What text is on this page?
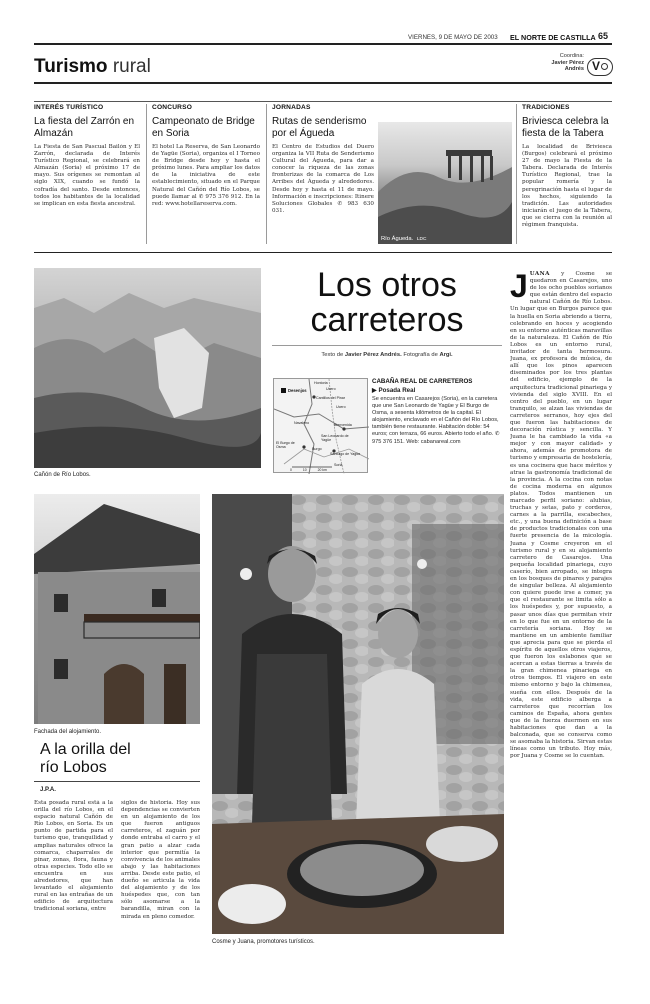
VIERNES, 9 DE MAYO DE 2003 EL NORTE DE CASTILLA 65
Turismo rural	Coordina:
Javier Pérez
Andrés V
INTERÉS TURÍSTICO
La fiesta del Zarrón en Almazán
La Fiesta de San Pascual Bailón y El Zarrón, declarada de Interés Turístico Regional, se celebrará en Almazán (Soria) el próximo 17 de mayo. Sus orígenes se remontan al siglo XIX, cuando se fundó la cofradía del santo. Desde entonces, todos los habitantes de la localidad se implican en esta fiesta ancestral.
CONCURSO
Campeonato de Bridge en Soria
El hotel La Reserva, de San Leonardo de Yagüe (Soria), organiza el I Torneo de Bridge desde hoy y hasta el próximo lunes. Para ampliar los datos de la iniciativa de este establecimiento, situado en el Parque Natural del Cañón del Río Lobos, se puede llamar al ✆ 975 376 912. En la red: www.hotellareserva.com.
JORNADAS
Rutas de senderismo por el Águeda
El Centro de Estudios del Duero organiza la VII Ruta de Senderismo Cultural del Águeda, para dar a conocer la riqueza de las zonas fronterizas de la comarca de Los Arribes del Águeda y alrededores. Desde hoy y hasta el 11 de mayo. Información e inscripciones: Itinere Soluciones Globales ✆ 983 630 031.
Río Águeda. LDC
TRADICIONES
Briviesca celebra la fiesta de la Tabera
La localidad de Briviesca (Burgos) celebrará el próximo 27 de mayo la Fiesta de la Tabera. Declarada de Interés Turístico Regional, trae la popular romería y la peregrinación hasta el lugar de los hechos, siguiendo la tradición. Las autoridades iniciarán el juego de la Tabera, que se cierra con la reunión al régimen franquista.
Cañón de Río Lobos.
Los otros
carreteros
Texto de Javier Pérez Andrés. Fotografía de Argi.
Hontoria
Desenjos	Ucero
Cantillos del Pinar
Ucero
Navaleno	Bienvenida
San Leonardo de Yagüe
El Burgo de Osma	Burgo
Santiago de Yagüe
Soria
0	10	20 km
CABAÑA REAL DE CARRETEROS
▶ Posada Real
Se encuentra en Casarejos (Soria), en la carretera que une San Leonardo de Yagüe y El Burgo de Osma, a sesenta kilómetros de la capital. El alojamiento, enclavado en el Cañón del Río Lobos, también tiene restaurante. Habitación doble: 54 euros; con terraza, 66 euros. Abierto todo el año. ✆ 975 376 151. Web: cabanareal.com
JUANA y Cosme se quedaron en Casarejos, uno de los ocho pueblos sorianos que están dentro del espacio natural Cañón de Río Lobos. Un lugar que en Burgos parece que la huella en Soria abriendo a tierra, celebrando en hoces y acogiendo en su entorno auténticas maravillas de la naturaleza. El Cañón de Río Lobos es un entorno rural, invitador de tanta hermosura. Juana, ex profesora de música, de allí que los pinos aparecen diseminados por los tres plantas del edificio, ejemplo de la arquitectura tradicional pinariega y vivienda del siglo XVIII. En el centro del pueblo, en un lugar tranquilo, se alzan las viviendas de carreteros serranos, hoy ejes del que fueron las habitaciones de decoración rústica y sencilla. Y Juana le ha cambiado la vida «a mejor y con mayor calidad» y ahora, además de promotora de turismo y empresaria de hostelería, es una cocinera que hace méritos y atrae la gastronomía tradicional de la provincia. A la cocina con notas de cocina moderna en algunos platos. Todos mantienen un marcado perfil soriano: alubias, truchas y setas, pato y corderos, carnes a la parrilla, escabeches, etc., y una buena definición a base de productos tradicionales con una fuerte presencia de la micología. Juana y Cosme creyeron en el turismo rural y en su alojamiento carretero de Casarejos. Una pequeña localidad pinariega, cuyo caserío, bien arropado, se integra en los bosques de pinares y parajes de singular belleza. Al alojamiento con quiere puede irse a comer, ya que el restaurante se limita sólo a los huéspedes y, por supuesto, a pasar unos días que permitan vivir en lo que fue en un entorno de la carretería soriana. Hoy se mantiene en un ambiente familiar que aprecia para que se pierda el espíritu de aquellos otros viajeros, que fueron los eslabones que se acercan a estas tierras a través de la gran chimenea pinariega en otros tiempos. El viajero en este mismo entorno y bajo la chimenea, sueña con ellos. Después de la vida, este edificio alberga a carreteros que recorrían los caminos de España, ahora gentes que de la fuerza duermen en sus habitaciones que dan a la balconada, que se conserva como se asomaba la historia. Sirvan estas líneas como un tributo. Hoy más, por Juana y Cosme se lo cuentan.
Fachada del alojamiento.
Cosme y Juana, promotores turísticos.
A la orilla del
río Lobos
J.P.A.
Esta posada rural está a la orilla del río Lobos, en el espacio natural Cañón de Río Lobos, en Soria. Es un punto de partida para el turismo que, tranquilidad y amplias naturales ofrece la comarca, chaparrales de pinar, zonas, flora, fauna y otras especies. Todo ello se encuentra en sus alrededores, que han levantado el alojamiento rural en las entrañas de un edificio de arquitectura tradicional soriana, entre
siglos de historia. Hoy sus dependencias se convierten en un alojamiento de los que fueron antiguos carreteros, el zaguán por donde entraba el carro y el gran patio a alzar cada interior que permitía la convivencia de los animales abajo y las habitaciones arriba. Desde este patio, el dueño se articula la vida del alojamiento y de los huéspedes que, con tan sólo asomarse a la barandilla, miran con la mirada en pleno comedor.
